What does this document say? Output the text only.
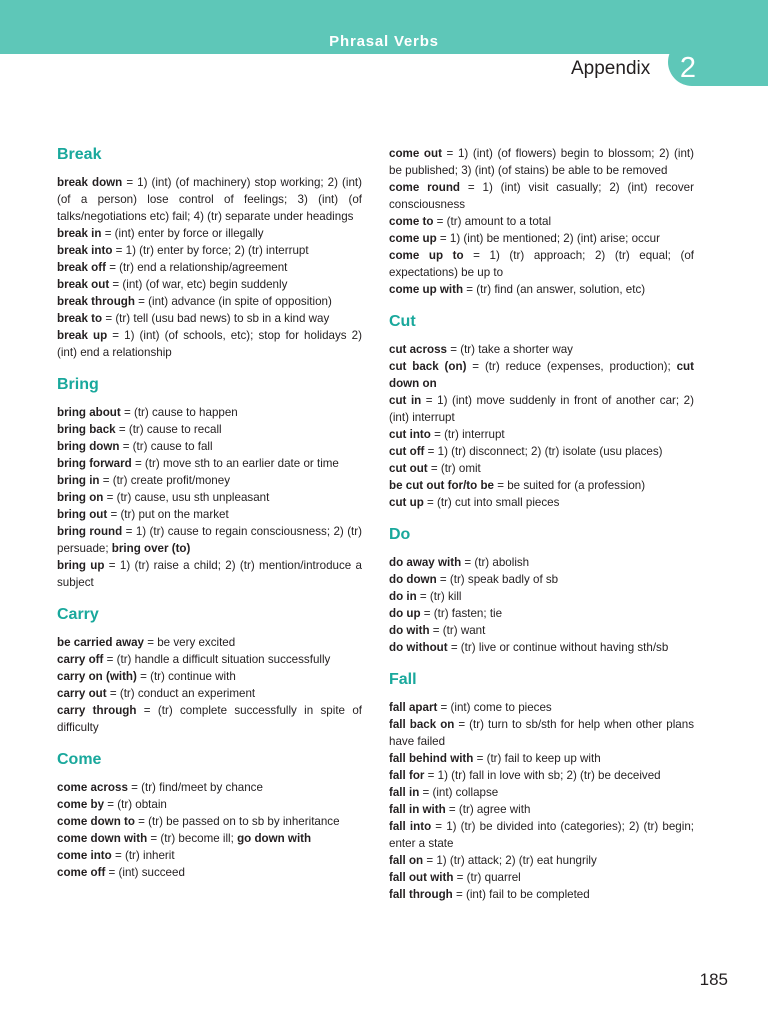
Phrasal Verbs
Appendix 2
Break

break down = 1) (int) (of machinery) stop working; 2) (int) (of a person) lose control of feelings; 3) (int) (of talks/negotiations etc) fail; 4) (tr) separate under headings

break in = (int) enter by force or illegally

break into = 1) (tr) enter by force; 2) (tr) interrupt

break off = (tr) end a relationship/agreement

break out = (int) (of war, etc) begin suddenly

break through = (int) advance (in spite of opposition)

break to = (tr) tell (usu bad news) to sb in a kind way

break up = 1) (int) (of schools, etc); stop for holidays 2) (int) end a relationship

Bring

bring about = (tr) cause to happen

bring back = (tr) cause to recall

bring down = (tr) cause to fall

bring forward = (tr) move sth to an earlier date or time

bring in = (tr) create profit/money

bring on = (tr) cause, usu sth unpleasant

bring out = (tr) put on the market

bring round = 1) (tr) cause to regain consciousness; 2) (tr) persuade; bring over (to)

bring up = 1) (tr) raise a child; 2) (tr) mention/introduce a subject

Carry

be carried away = be very excited

carry off = (tr) handle a difficult situation successfully

carry on (with) = (tr) continue with

carry out = (tr) conduct an experiment

carry through = (tr) complete successfully in spite of difficulty

Come

come across = (tr) find/meet by chance

come by = (tr) obtain

come down to = (tr) be passed on to sb by inheritance

come down with = (tr) become ill; go down with

come into = (tr) inherit

come off = (int) succeed

come out = 1) (int) (of flowers) begin to blossom; 2) (int) be published; 3) (int) (of stains) be able to be removed

come round = 1) (int) visit casually; 2) (int) recover consciousness

come to = (tr) amount to a total

come up = 1) (int) be mentioned; 2) (int) arise; occur

come up to = 1) (tr) approach; 2) (tr) equal; (of expectations) be up to

come up with = (tr) find (an answer, solution, etc)

Cut

cut across = (tr) take a shorter way

cut back (on) = (tr) reduce (expenses, production); cut down on

cut in = 1) (int) move suddenly in front of another car; 2) (int) interrupt

cut into = (tr) interrupt

cut off = 1) (tr) disconnect; 2) (tr) isolate (usu places)

cut out = (tr) omit

be cut out for/to be = be suited for (a profession)

cut up = (tr) cut into small pieces

Do

do away with = (tr) abolish

do down = (tr) speak badly of sb

do in = (tr) kill

do up = (tr) fasten; tie

do with = (tr) want

do without = (tr) live or continue without having sth/sb

Fall

fall apart = (int) come to pieces

fall back on = (tr) turn to sb/sth for help when other plans have failed

fall behind with = (tr) fail to keep up with

fall for = 1) (tr) fall in love with sb; 2) (tr) be deceived

fall in = (int) collapse

fall in with = (tr) agree with

fall into = 1) (tr) be divided into (categories); 2) (tr) begin; enter a state

fall on = 1) (tr) attack; 2) (tr) eat hungrily

fall out with = (tr) quarrel

fall through = (int) fail to be completed

185
